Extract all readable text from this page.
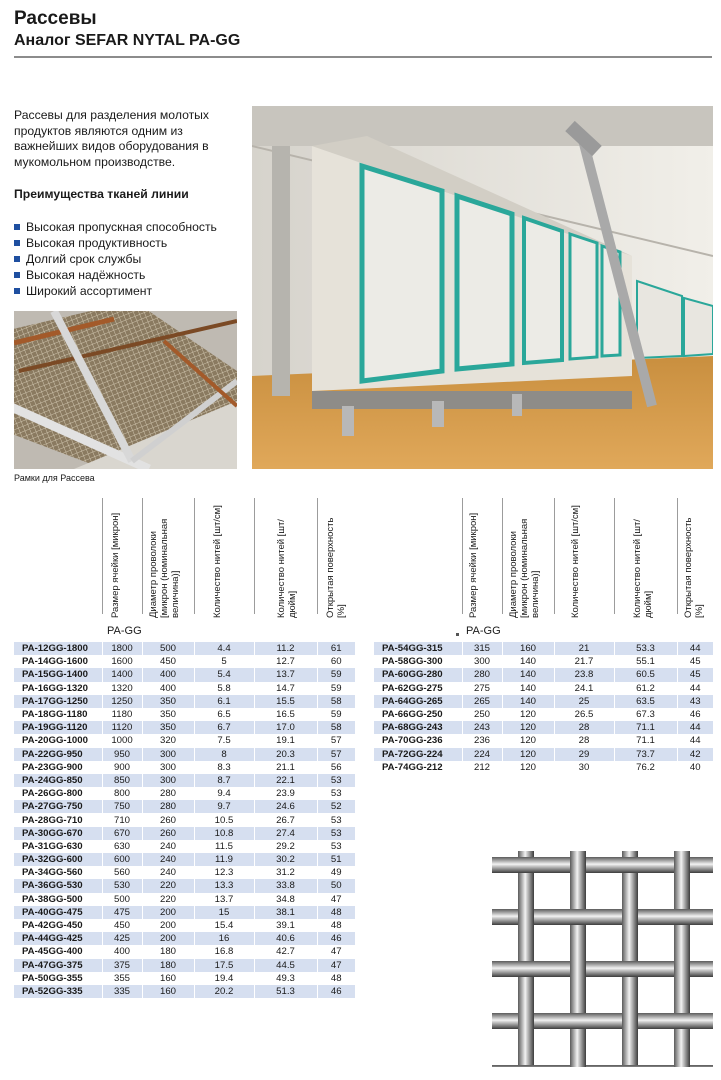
Рассевы
Аналог SEFAR NYTAL PA-GG
Рассевы для разделения молотых продуктов являются одним из важнейших видов оборудования в мукомольном производстве.
Преимущества тканей линии
Высокая пропускная способность
Высокая продуктивность
Долгий срок службы
Высокая надёжность
Широкий ассортимент
Рамки для Рассева
Размер ячейки [микрон]	Диаметр проволоки [микрон (номинальная величина)]	Количество нитей [шт/см]	Количество нитей [шт/дюйм]	Открытая поверхность [%]	Размер ячейки [микрон]	Диаметр проволоки [микрон (номинальная величина)]	Количество нитей [шт/см]	Количество нитей [шт/дюйм]	Открытая поверхность [%]
PA-GG	PA-GG
PA-12GG-1800	1800	500	4.4	11.2	61
PA-14GG-1600	1600	450	5	12.7	60
PA-15GG-1400	1400	400	5.4	13.7	59
PA-16GG-1320	1320	400	5.8	14.7	59
PA-17GG-1250	1250	350	6.1	15.5	58
PA-18GG-1180	1180	350	6.5	16.5	59
PA-19GG-1120	1120	350	6.7	17.0	58
PA-20GG-1000	1000	320	7.5	19.1	57
PA-22GG-950	950	300	8	20.3	57
PA-23GG-900	900	300	8.3	21.1	56
PA-24GG-850	850	300	8.7	22.1	53
PA-26GG-800	800	280	9.4	23.9	53
PA-27GG-750	750	280	9.7	24.6	52
PA-28GG-710	710	260	10.5	26.7	53
PA-30GG-670	670	260	10.8	27.4	53
PA-31GG-630	630	240	11.5	29.2	53
PA-32GG-600	600	240	11.9	30.2	51
PA-34GG-560	560	240	12.3	31.2	49
PA-36GG-530	530	220	13.3	33.8	50
PA-38GG-500	500	220	13.7	34.8	47
PA-40GG-475	475	200	15	38.1	48
PA-42GG-450	450	200	15.4	39.1	48
PA-44GG-425	425	200	16	40.6	46
PA-45GG-400	400	180	16.8	42.7	47
PA-47GG-375	375	180	17.5	44.5	47
PA-50GG-355	355	160	19.4	49.3	48
PA-52GG-335	335	160	20.2	51.3	46
PA-54GG-315	315	160	21	53.3	44
PA-58GG-300	300	140	21.7	55.1	45
PA-60GG-280	280	140	23.8	60.5	45
PA-62GG-275	275	140	24.1	61.2	44
PA-64GG-265	265	140	25	63.5	43
PA-66GG-250	250	120	26.5	67.3	46
PA-68GG-243	243	120	28	71.1	44
PA-70GG-236	236	120	28	71.1	44
PA-72GG-224	224	120	29	73.7	42
PA-74GG-212	212	120	30	76.2	40
